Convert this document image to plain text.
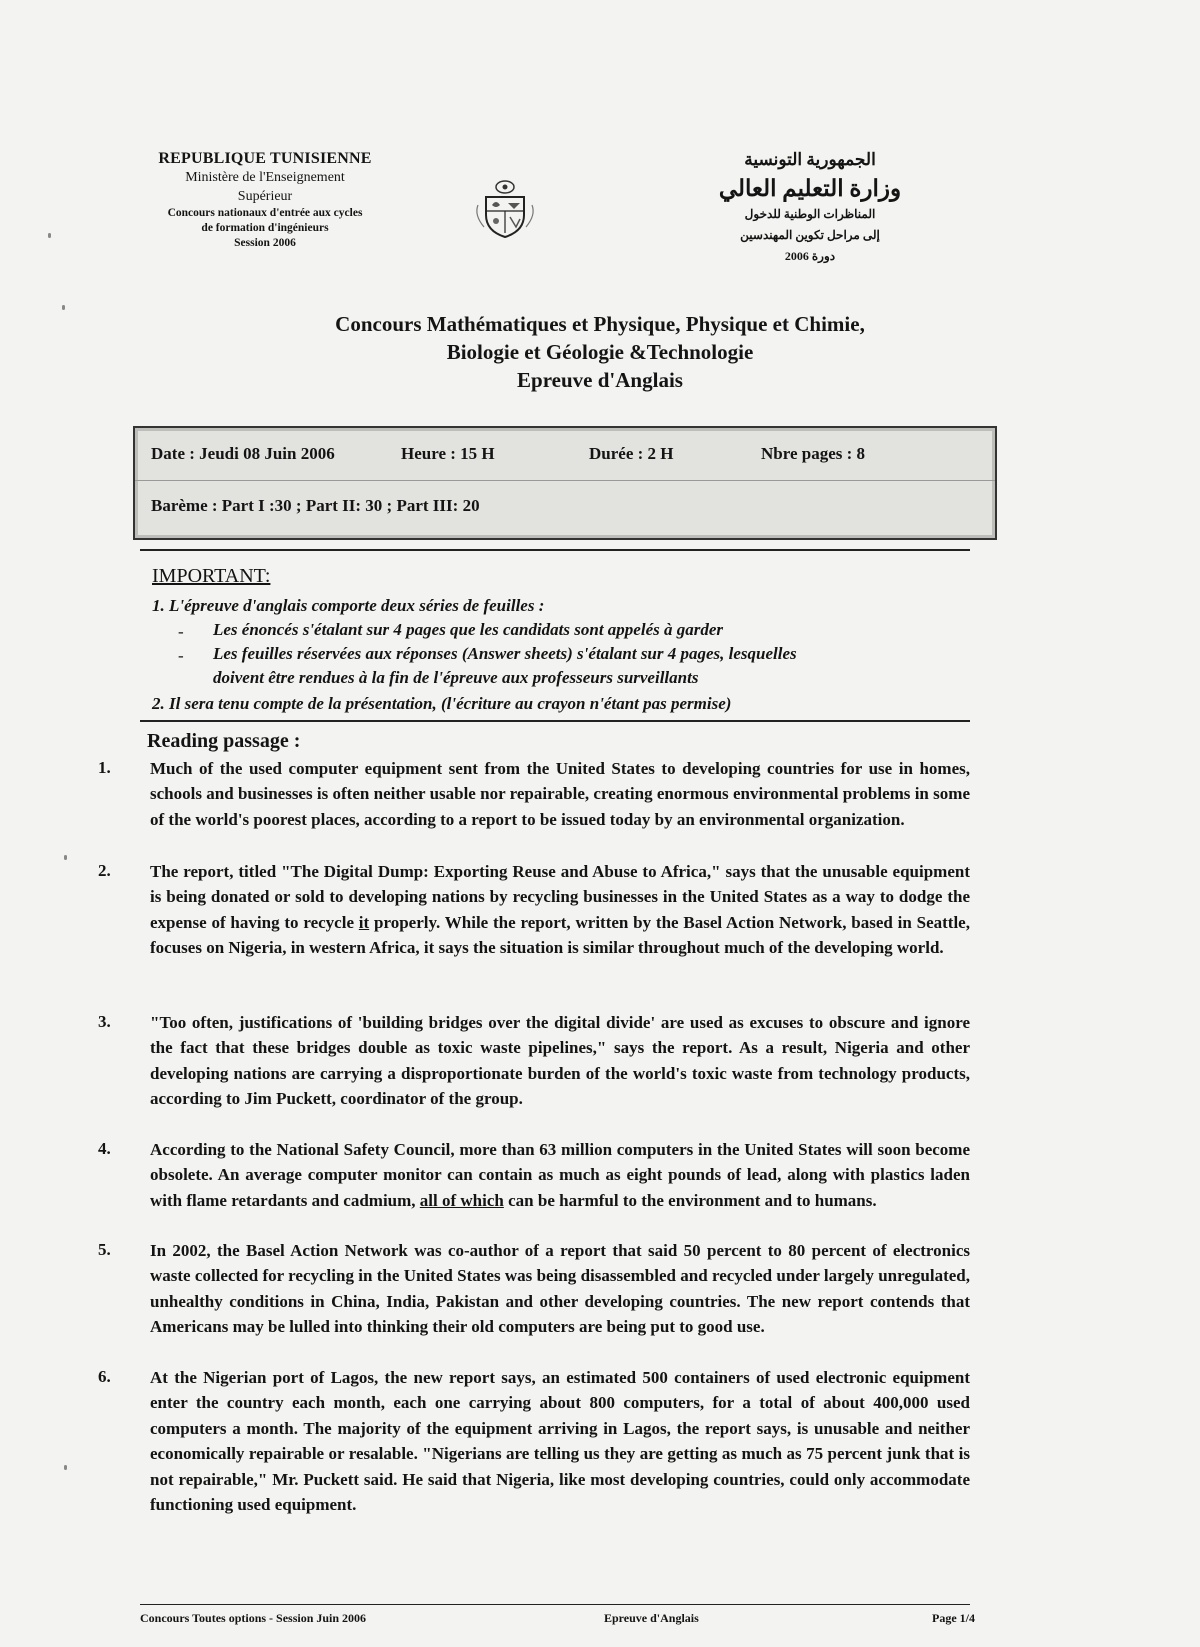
REPUBLIQUE TUNISIENNE
Ministère de l'Enseignement
Supérieur
Concours nationaux d'entrée aux cycles
de formation d'ingénieurs
Session 2006
الجمهورية التونسية
وزارة التعليم العالي
المناظرات الوطنية للدخول
إلى مراحل تكوين المهندسين
دورة 2006
Concours Mathématiques et Physique, Physique et Chimie,
Biologie et Géologie &Technologie
Epreuve d'Anglais
Date : Jeudi 08 Juin 2006	Heure : 15 H	Durée : 2 H	Nbre pages : 8
Barème : Part I :30 ; Part II: 30 ; Part III: 20
IMPORTANT:
1. L'épreuve d'anglais comporte deux séries de feuilles :
- Les énoncés s'étalant sur 4 pages que les candidats sont appelés à garder
- Les feuilles réservées aux réponses (Answer sheets) s'étalant sur 4 pages, lesquelles
doivent être rendues à la fin de l'épreuve aux professeurs surveillants
2. Il sera tenu compte de la présentation, (l'écriture au crayon n'étant pas permise)
Reading passage :
1. Much of the used computer equipment sent from the United States to developing countries for use in homes, schools and businesses is often neither usable nor repairable, creating enormous environmental problems in some of the world's poorest places, according to a report to be issued today by an environmental organization.
2. The report, titled "The Digital Dump: Exporting Reuse and Abuse to Africa," says that the unusable equipment is being donated or sold to developing nations by recycling businesses in the United States as a way to dodge the expense of having to recycle it properly. While the report, written by the Basel Action Network, based in Seattle, focuses on Nigeria, in western Africa, it says the situation is similar throughout much of the developing world.
3. "Too often, justifications of 'building bridges over the digital divide' are used as excuses to obscure and ignore the fact that these bridges double as toxic waste pipelines," says the report. As a result, Nigeria and other developing nations are carrying a disproportionate burden of the world's toxic waste from technology products, according to Jim Puckett, coordinator of the group.
4. According to the National Safety Council, more than 63 million computers in the United States will soon become obsolete. An average computer monitor can contain as much as eight pounds of lead, along with plastics laden with flame retardants and cadmium, all of which can be harmful to the environment and to humans.
5. In 2002, the Basel Action Network was co-author of a report that said 50 percent to 80 percent of electronics waste collected for recycling in the United States was being disassembled and recycled under largely unregulated, unhealthy conditions in China, India, Pakistan and other developing countries. The new report contends that Americans may be lulled into thinking their old computers are being put to good use.
6. At the Nigerian port of Lagos, the new report says, an estimated 500 containers of used electronic equipment enter the country each month, each one carrying about 800 computers, for a total of about 400,000 used computers a month. The majority of the equipment arriving in Lagos, the report says, is unusable and neither economically repairable or resalable. "Nigerians are telling us they are getting as much as 75 percent junk that is not repairable," Mr. Puckett said. He said that Nigeria, like most developing countries, could only accommodate functioning used equipment.
Concours Toutes options - Session Juin 2006	Epreuve d'Anglais	Page 1/4
